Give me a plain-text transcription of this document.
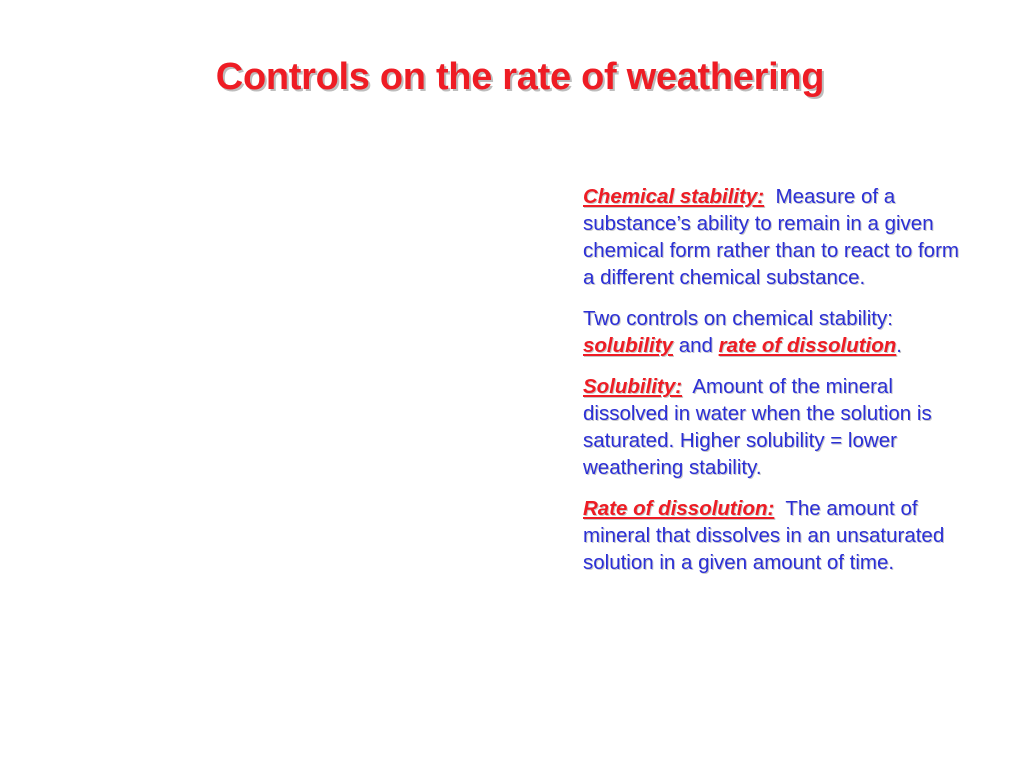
Controls on the rate of weathering

Chemical stability: Measure of a substance’s ability to remain in a given chemical form rather than to react to form a different chemical substance.

Two controls on chemical stability: solubility and rate of dissolution.

Solubility: Amount of the mineral dissolved in water when the solution is saturated. Higher solubility = lower weathering stability.

Rate of dissolution: The amount of mineral that dissolves in an unsaturated solution in a given amount of time.
